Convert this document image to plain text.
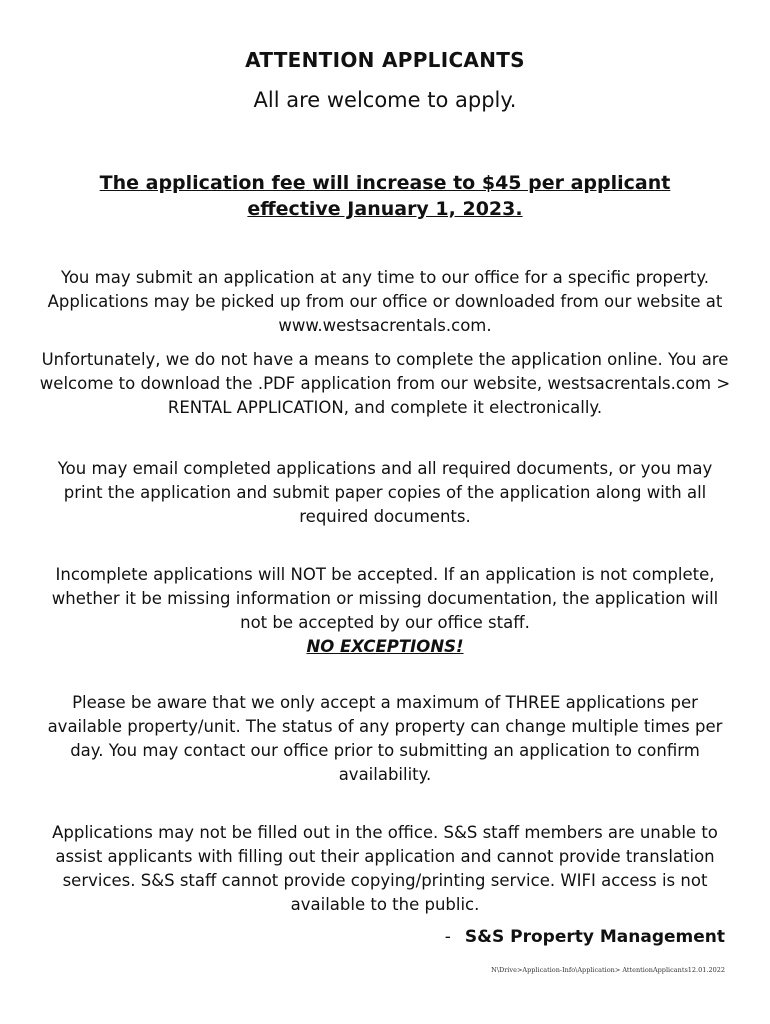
ATTENTION APPLICANTS
All are welcome to apply.
The application fee will increase to $45 per applicant
effective January 1, 2023.
You may submit an application at any time to our office for a specific property. Applications may be picked up from our office or downloaded from our website at www.westsacrentals.com.
Unfortunately, we do not have a means to complete the application online. You are welcome to download the .PDF application from our website, westsacrentals.com > RENTAL APPLICATION, and complete it electronically.
You may email completed applications and all required documents, or you may print the application and submit paper copies of the application along with all required documents.
Incomplete applications will NOT be accepted. If an application is not complete, whether it be missing information or missing documentation, the application will not be accepted by our office staff.
NO EXCEPTIONS!
Please be aware that we only accept a maximum of THREE applications per available property/unit. The status of any property can change multiple times per day. You may contact our office prior to submitting an application to confirm availability.
Applications may not be filled out in the office. S&S staff members are unable to assist applicants with filling out their application and cannot provide translation services. S&S staff cannot provide copying/printing service. WIFI access is not available to the public.
- S&S Property Management
N\Drive>Application-Info\Application> AttentionApplicants12.01.2022
